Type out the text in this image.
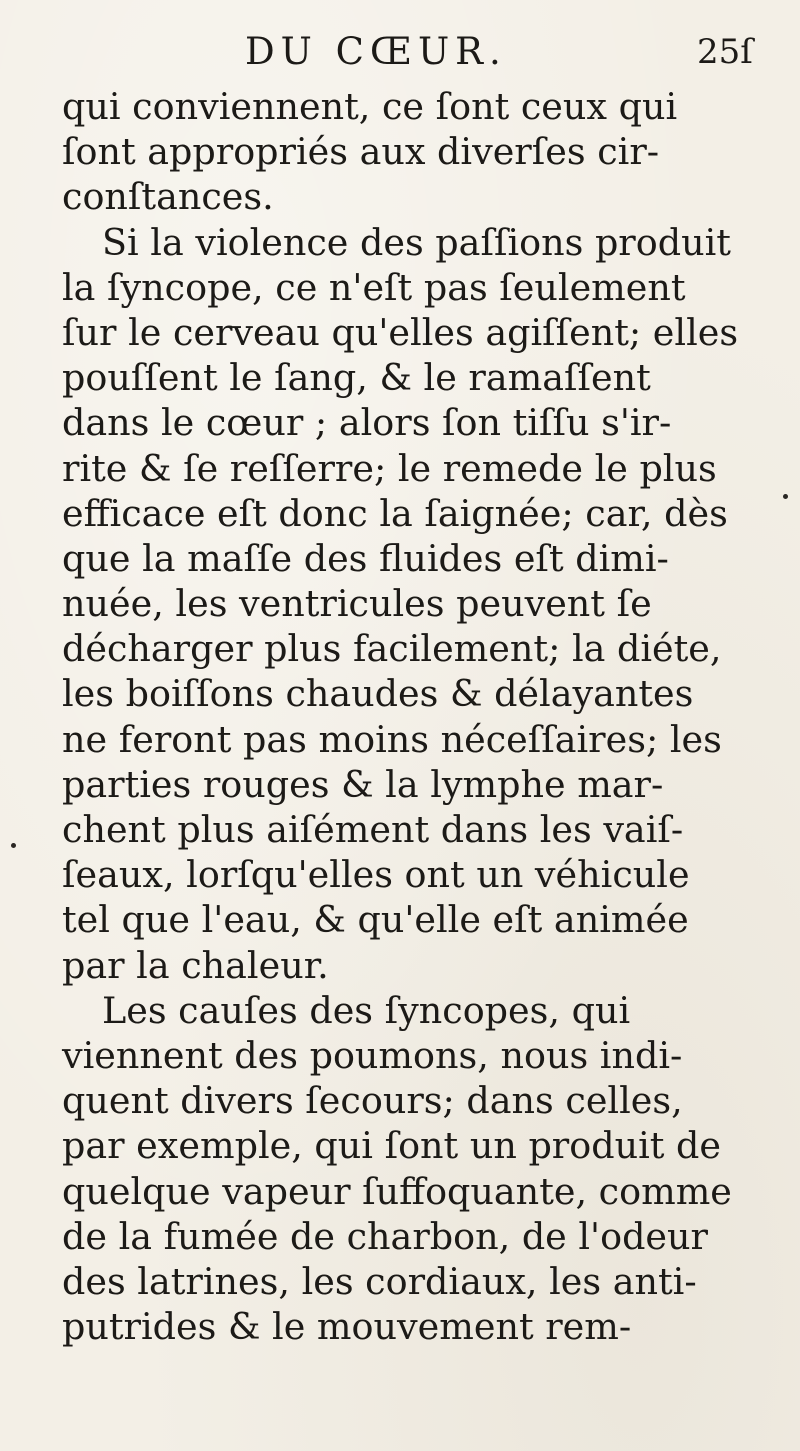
DU CŒUR.	25ſ
qui conviennent, ce ſont ceux qui
ſont appropriés aux diverſes cir-
conſtances.
Si la violence des paſſions produit
la ſyncope, ce n'eſt pas ſeulement
ſur le cerveau qu'elles agiſſent; elles
pouſſent le ſang, & le ramaſſent
dans le cœur ; alors ſon tiſſu s'ir-
rite & ſe reſſerre; le remede le plus
efficace eſt donc la ſaignée; car, dès
que la maſſe des fluides eſt dimi-
nuée, les ventricules peuvent ſe
décharger plus facilement; la diéte,
les boiſſons chaudes & délayantes
ne feront pas moins néceſſaires; les
parties rouges & la lymphe mar-
chent plus aiſément dans les vaiſ-
ſeaux, lorſqu'elles ont un véhicule
tel que l'eau, & qu'elle eſt animée
par la chaleur.
Les cauſes des ſyncopes, qui
viennent des poumons, nous indi-
quent divers ſecours; dans celles,
par exemple, qui ſont un produit de
quelque vapeur ſuffoquante, comme
de la fumée de charbon, de l'odeur
des latrines, les cordiaux, les anti-
putrides & le mouvement rem-
